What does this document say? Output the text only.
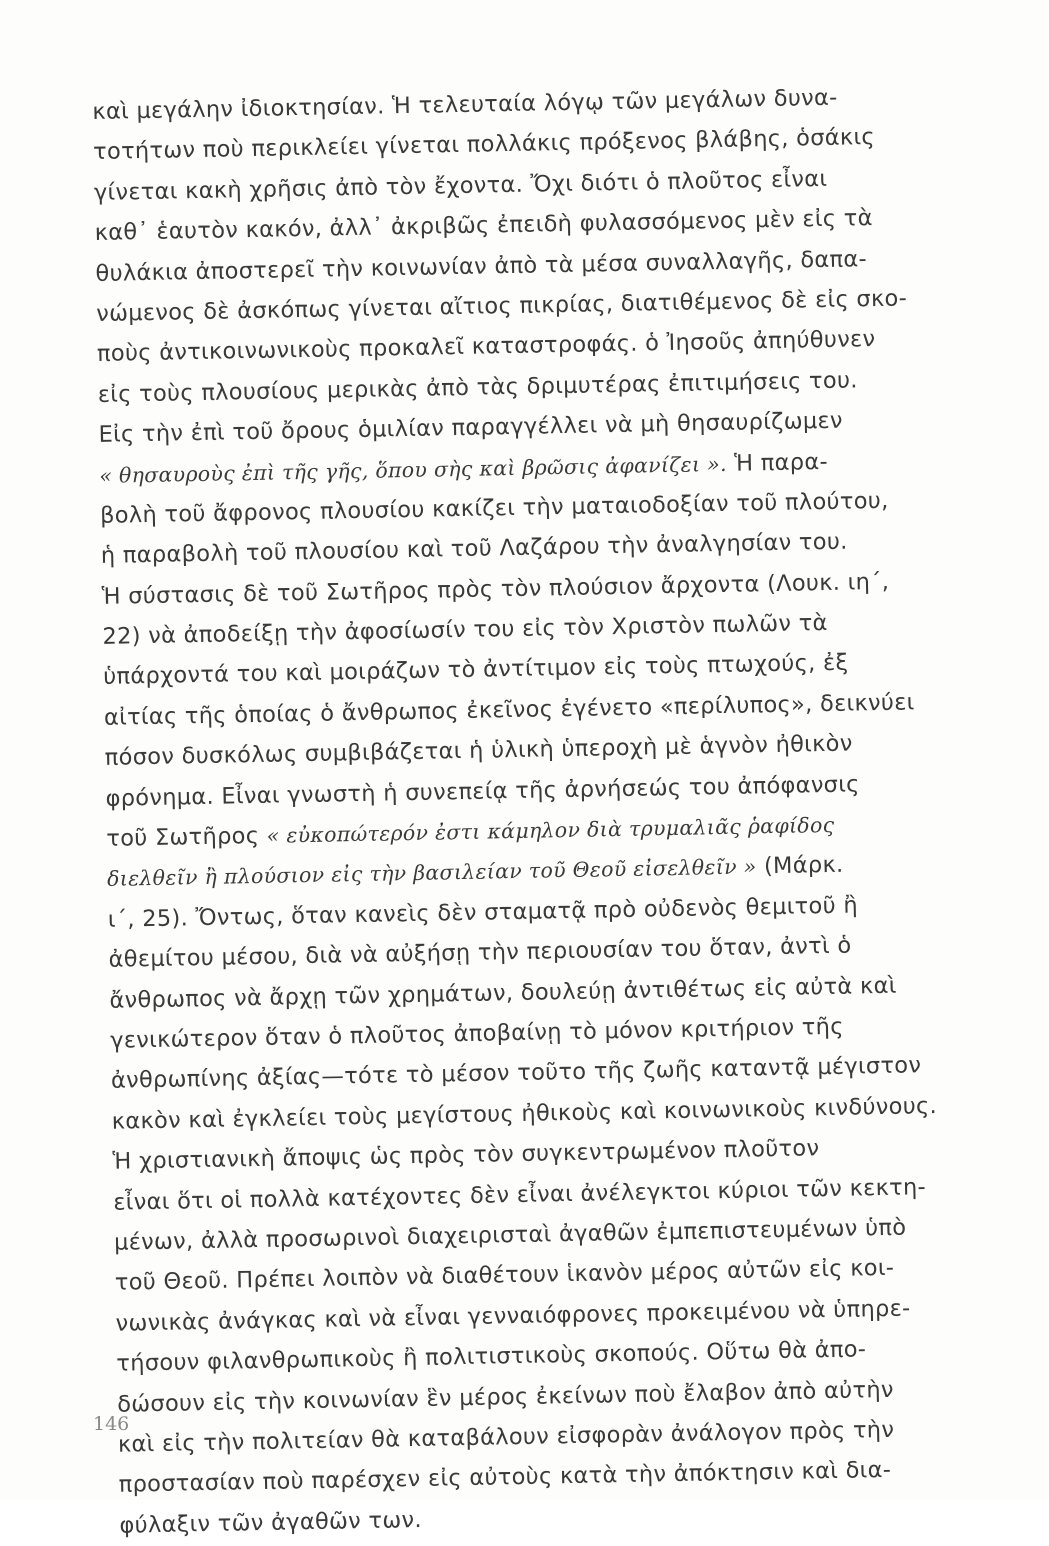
καὶ μεγάλην ἰδιοκτησίαν. Ἡ τελευταία λόγῳ τῶν μεγάλων δυνα-
τοτήτων ποὺ περικλείει γίνεται πολλάκις πρόξενος βλάβης, ὁσάκις
γίνεται κακὴ χρῆσις ἀπὸ τὸν ἔχοντα. Ὄχι διότι ὁ πλοῦτος εἶναι
καθ᾿ ἑαυτὸν κακόν, ἀλλ᾿ ἀκριβῶς ἐπειδὴ φυλασσόμενος μὲν εἰς τὰ
θυλάκια ἀποστερεῖ τὴν κοινωνίαν ἀπὸ τὰ μέσα συναλλαγῆς, δαπα-
νώμενος δὲ ἀσκόπως γίνεται αἴτιος πικρίας, διατιθέμενος δὲ εἰς σκο-
ποὺς ἀντικοινωνικοὺς προκαλεῖ καταστροφάς. ὁ Ἰησοῦς ἀπηύθυνεν
εἰς τοὺς πλουσίους μερικὰς ἀπὸ τὰς δριμυτέρας ἐπιτιμήσεις του.
Εἰς τὴν ἐπὶ τοῦ ὄρους ὁμιλίαν παραγγέλλει νὰ μὴ θησαυρίζωμεν
« θησαυροὺς ἐπὶ τῆς γῆς, ὅπου σὴς καὶ βρῶσις ἀφανίζει ». Ἡ παρα-
βολὴ τοῦ ἄφρονος πλουσίου κακίζει τὴν ματαιοδοξίαν τοῦ πλούτου,
ἡ παραβολὴ τοῦ πλουσίου καὶ τοῦ Λαζάρου τὴν ἀναλγησίαν του.
Ἡ σύστασις δὲ τοῦ Σωτῆρος πρὸς τὸν πλούσιον ἄρχοντα (Λουκ. ιη´,
22) νὰ ἀποδείξῃ τὴν ἀφοσίωσίν του εἰς τὸν Χριστὸν πωλῶν τὰ
ὑπάρχοντά του καὶ μοιράζων τὸ ἀντίτιμον εἰς τοὺς πτωχούς, ἐξ
αἰτίας τῆς ὁποίας ὁ ἄνθρωπος ἐκεῖνος ἐγένετο «περίλυπος», δεικνύει
πόσον δυσκόλως συμβιβάζεται ἡ ὑλικὴ ὑπεροχὴ μὲ ἁγνὸν ἠθικὸν
φρόνημα. Εἶναι γνωστὴ ἡ συνεπείᾳ τῆς ἀρνήσεώς του ἀπόφανσις
τοῦ Σωτῆρος « εὐκοπώτερόν ἐστι κάμηλον διὰ τρυμαλιᾶς ῥαφίδος
διελθεῖν ἢ πλούσιον εἰς τὴν βασιλείαν τοῦ Θεοῦ εἰσελθεῖν » (Μάρκ.
ι´, 25). Ὄντως, ὅταν κανεὶς δὲν σταματᾷ πρὸ οὐδενὸς θεμιτοῦ ἢ
ἀθεμίτου μέσου, διὰ νὰ αὐξήσῃ τὴν περιουσίαν του ὅταν, ἀντὶ ὁ
ἄνθρωπος νὰ ἄρχῃ τῶν χρημάτων, δουλεύῃ ἀντιθέτως εἰς αὐτὰ καὶ
γενικώτερον ὅταν ὁ πλοῦτος ἀποβαίνῃ τὸ μόνον κριτήριον τῆς
ἀνθρωπίνης ἀξίας—τότε τὸ μέσον τοῦτο τῆς ζωῆς καταντᾷ μέγιστον
κακὸν καὶ ἐγκλείει τοὺς μεγίστους ἠθικοὺς καὶ κοινωνικοὺς κινδύνους.
Ἡ χριστιανικὴ ἄποψις ὡς πρὸς τὸν συγκεντρωμένον πλοῦτον
εἶναι ὅτι οἱ πολλὰ κατέχοντες δὲν εἶναι ἀνέλεγκτοι κύριοι τῶν κεκτη-
μένων, ἀλλὰ προσωρινοὶ διαχειρισταὶ ἀγαθῶν ἐμπεπιστευμένων ὑπὸ
τοῦ Θεοῦ. Πρέπει λοιπὸν νὰ διαθέτουν ἱκανὸν μέρος αὐτῶν εἰς κοι-
νωνικὰς ἀνάγκας καὶ νὰ εἶναι γενναιόφρονες προκειμένου νὰ ὑπηρε-
τήσουν φιλανθρωπικοὺς ἢ πολιτιστικοὺς σκοπούς. Οὕτω θὰ ἀπο-
δώσουν εἰς τὴν κοινωνίαν ἓν μέρος ἐκείνων ποὺ ἔλαβον ἀπὸ αὐτὴν
καὶ εἰς τὴν πολιτείαν θὰ καταβάλουν εἰσφορὰν ἀνάλογον πρὸς τὴν
προστασίαν ποὺ παρέσχεν εἰς αὐτοὺς κατὰ τὴν ἀπόκτησιν καὶ δια-
φύλαξιν τῶν ἀγαθῶν των.
146
